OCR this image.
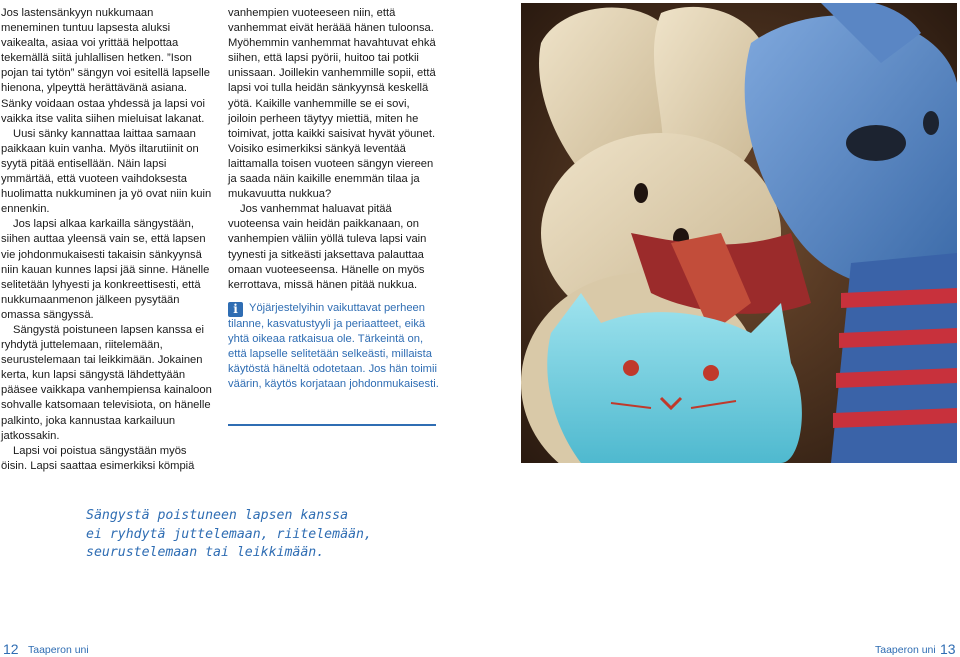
Jos lastensänkyyn nukkumaan meneminen tuntuu lapsesta aluksi vaikealta, asiaa voi yrittää helpottaa tekemällä siitä juhlallisen hetken. ”Ison pojan tai tytön” sängyn voi esitellä lapselle hienona, ylpeyttä herättävänä asiana. Sänky voidaan ostaa yhdessä ja lapsi voi vaikka itse valita siihen mieluisat lakanat.

Uusi sänky kannattaa laittaa samaan paikkaan kuin vanha. Myös iltarutiinit on syytä pitää entisellään. Näin lapsi ymmärtää, että vuoteen vaihdoksesta huolimatta nukkuminen ja yö ovat niin kuin ennenkin.

Jos lapsi alkaa karkailla sängystään, siihen auttaa yleensä vain se, että lapsen vie johdonmukaisesti takaisin sänkyynsä niin kauan kunnes lapsi jää sinne. Hänelle selitetään lyhyesti ja konkreettisesti, että nukkumaanmenon jälkeen pysytään omassa sängyssä.

Sängystä poistuneen lapsen kanssa ei ryhdytä juttelemaan, riitelemään, seurustelemaan tai leikkimään. Jokainen kerta, kun lapsi sängystä lähdettyään pääsee vaikkapa vanhempiensa kainaloon sohvalle katsomaan televisiota, on hänelle palkinto, joka kannustaa karkailuun jatkossakin.

Lapsi voi poistua sängystään myös öisin. Lapsi saattaa esimerkiksi kömpiä

vanhempien vuoteeseen niin, että vanhemmat eivät heräää hänen tuloonsa. Myöhemmin vanhemmat havahtuvat ehkä siihen, että lapsi pyörii, huitoo tai potkii unissaan. Joillekin vanhemmille sopii, että lapsi voi tulla heidän sänkyynsä keskellä yötä. Kaikille vanhemmille se ei sovi, joiloin perheen täytyy miettiä, miten he toimivat, jotta kaikki saisivat hyvät yöunet. Voisiko esimerkiksi sänkyä leventää laittamalla toisen vuoteen sängyn viereen ja saada näin kaikille enemmän tilaa ja mukavuutta nukkua?

Jos vanhemmat haluavat pitää vuoteensa vain heidän paikkanaan, on vanhempien väliin yöllä tuleva lapsi vain tyynesti ja sitkeästi jaksettava palauttaa omaan vuoteeseensa. Hänelle on myös kerrottava, missä hänen pitää nukkua.

i Yöjärjestelyihin vaikuttavat perheen tilanne, kasvatustyyli ja periaatteet, eikä yhtä oikeaa ratkaisua ole. Tärkeintä on, että lapselle selitetään selkeästi, millaista käytöstä häneltä odotetaan. Jos hän toimii väärin, käytös korjataan johdonmukaisesti.

Sängystä poistuneen lapsen kanssa
ei ryhdytä juttelemaan, riitelemään,
seurustelemaan tai leikkimään.
12 Taaperon uni	Taaperon uni 13
